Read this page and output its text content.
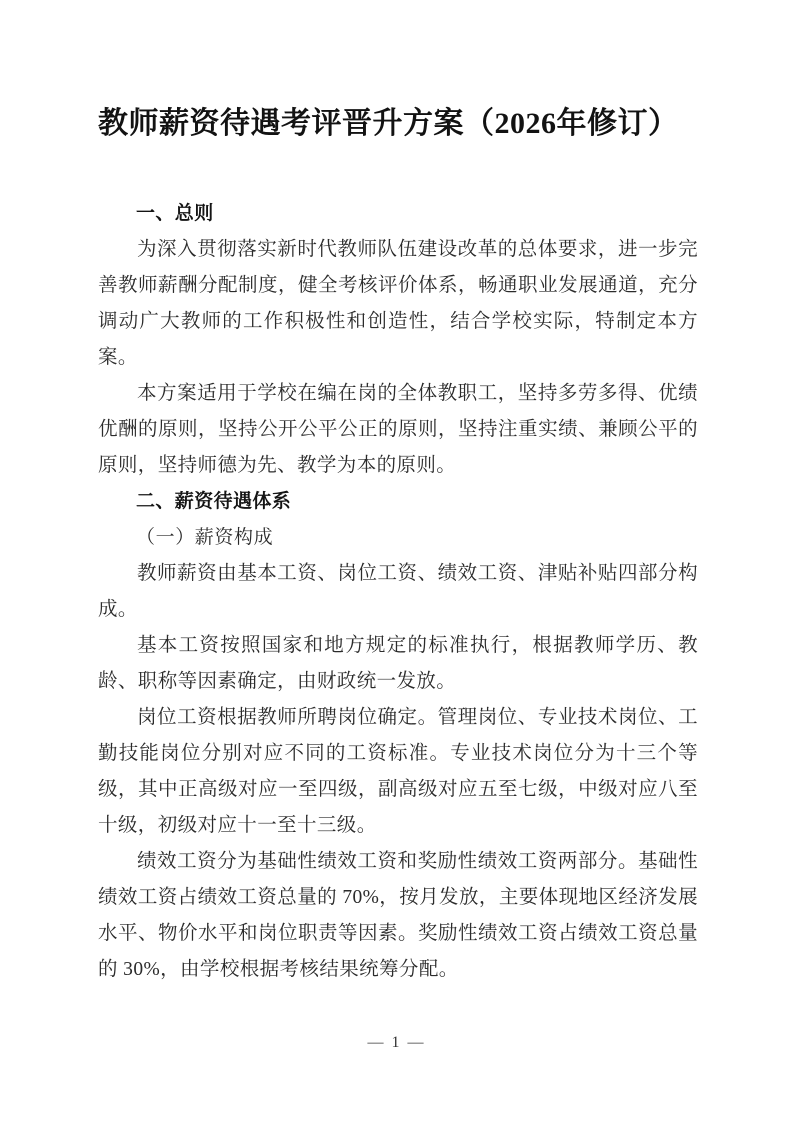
教师薪资待遇考评晋升方案（2026年修订）
一、总则

为深入贯彻落实新时代教师队伍建设改革的总体要求，进一步完善教师薪酬分配制度，健全考核评价体系，畅通职业发展通道，充分调动广大教师的工作积极性和创造性，结合学校实际，特制定本方案。

本方案适用于学校在编在岗的全体教职工，坚持多劳多得、优绩优酬的原则，坚持公开公平公正的原则，坚持注重实绩、兼顾公平的原则，坚持师德为先、教学为本的原则。

二、薪资待遇体系
（一）薪资构成

教师薪资由基本工资、岗位工资、绩效工资、津贴补贴四部分构成。

基本工资按照国家和地方规定的标准执行，根据教师学历、教龄、职称等因素确定，由财政统一发放。

岗位工资根据教师所聘岗位确定。管理岗位、专业技术岗位、工勤技能岗位分别对应不同的工资标准。专业技术岗位分为十三个等级，其中正高级对应一至四级，副高级对应五至七级，中级对应八至十级，初级对应十一至十三级。

绩效工资分为基础性绩效工资和奖励性绩效工资两部分。基础性绩效工资占绩效工资总量的 70%，按月发放，主要体现地区经济发展水平、物价水平和岗位职责等因素。奖励性绩效工资占绩效工资总量的 30%，由学校根据考核结果统筹分配。

— 1 —
